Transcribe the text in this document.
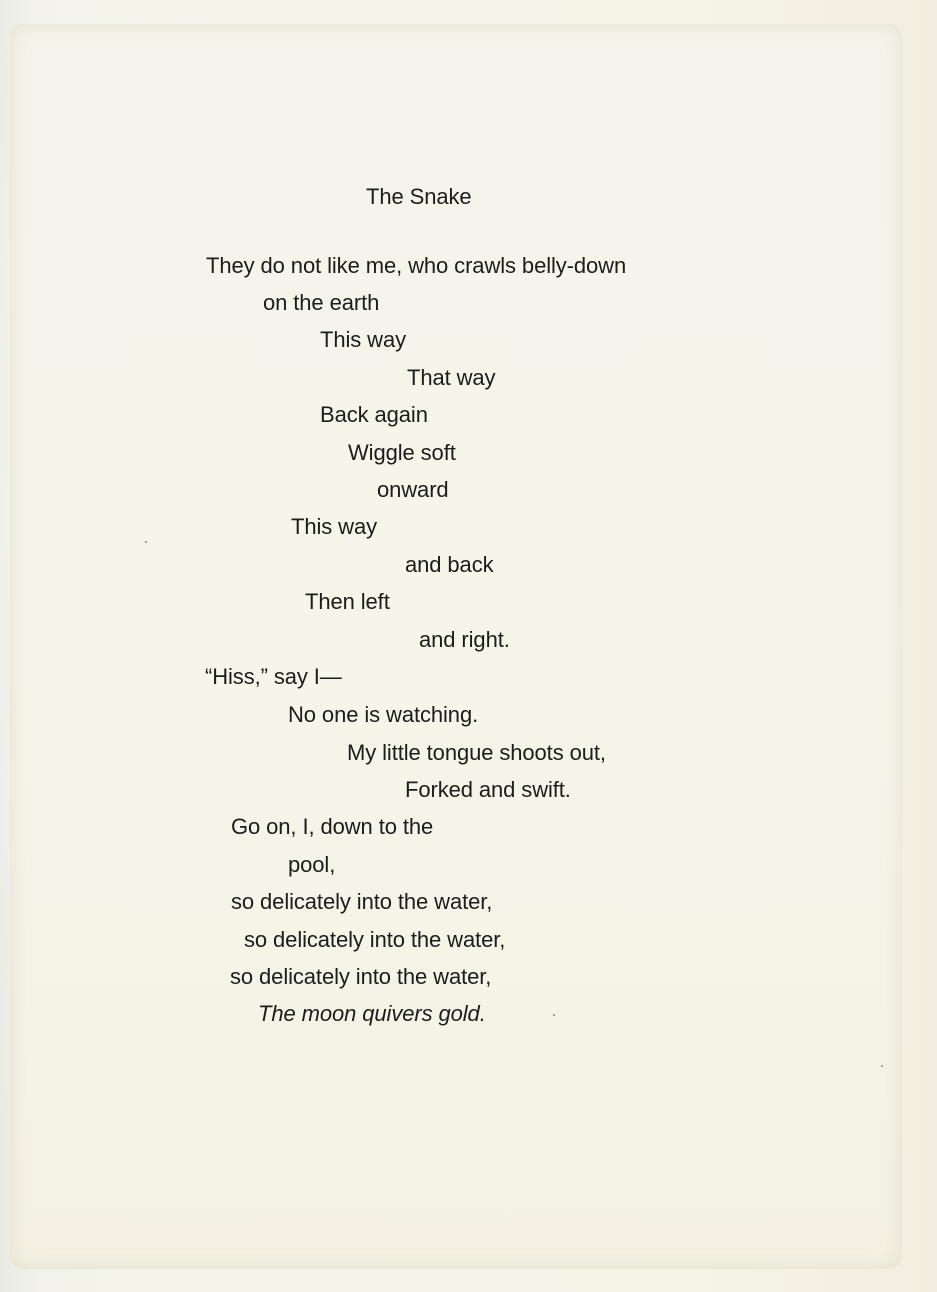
The Snake
They do not like me, who crawls belly-down
on the earth
This way
That way
Back again
Wiggle soft
onward
This way
and back
Then left
and right.
“Hiss,” say I—
No one is watching.
My little tongue shoots out,
Forked and swift.
Go on, I, down to the
pool,
so delicately into the water,
so delicately into the water,
so delicately into the water,
The moon quivers gold.
